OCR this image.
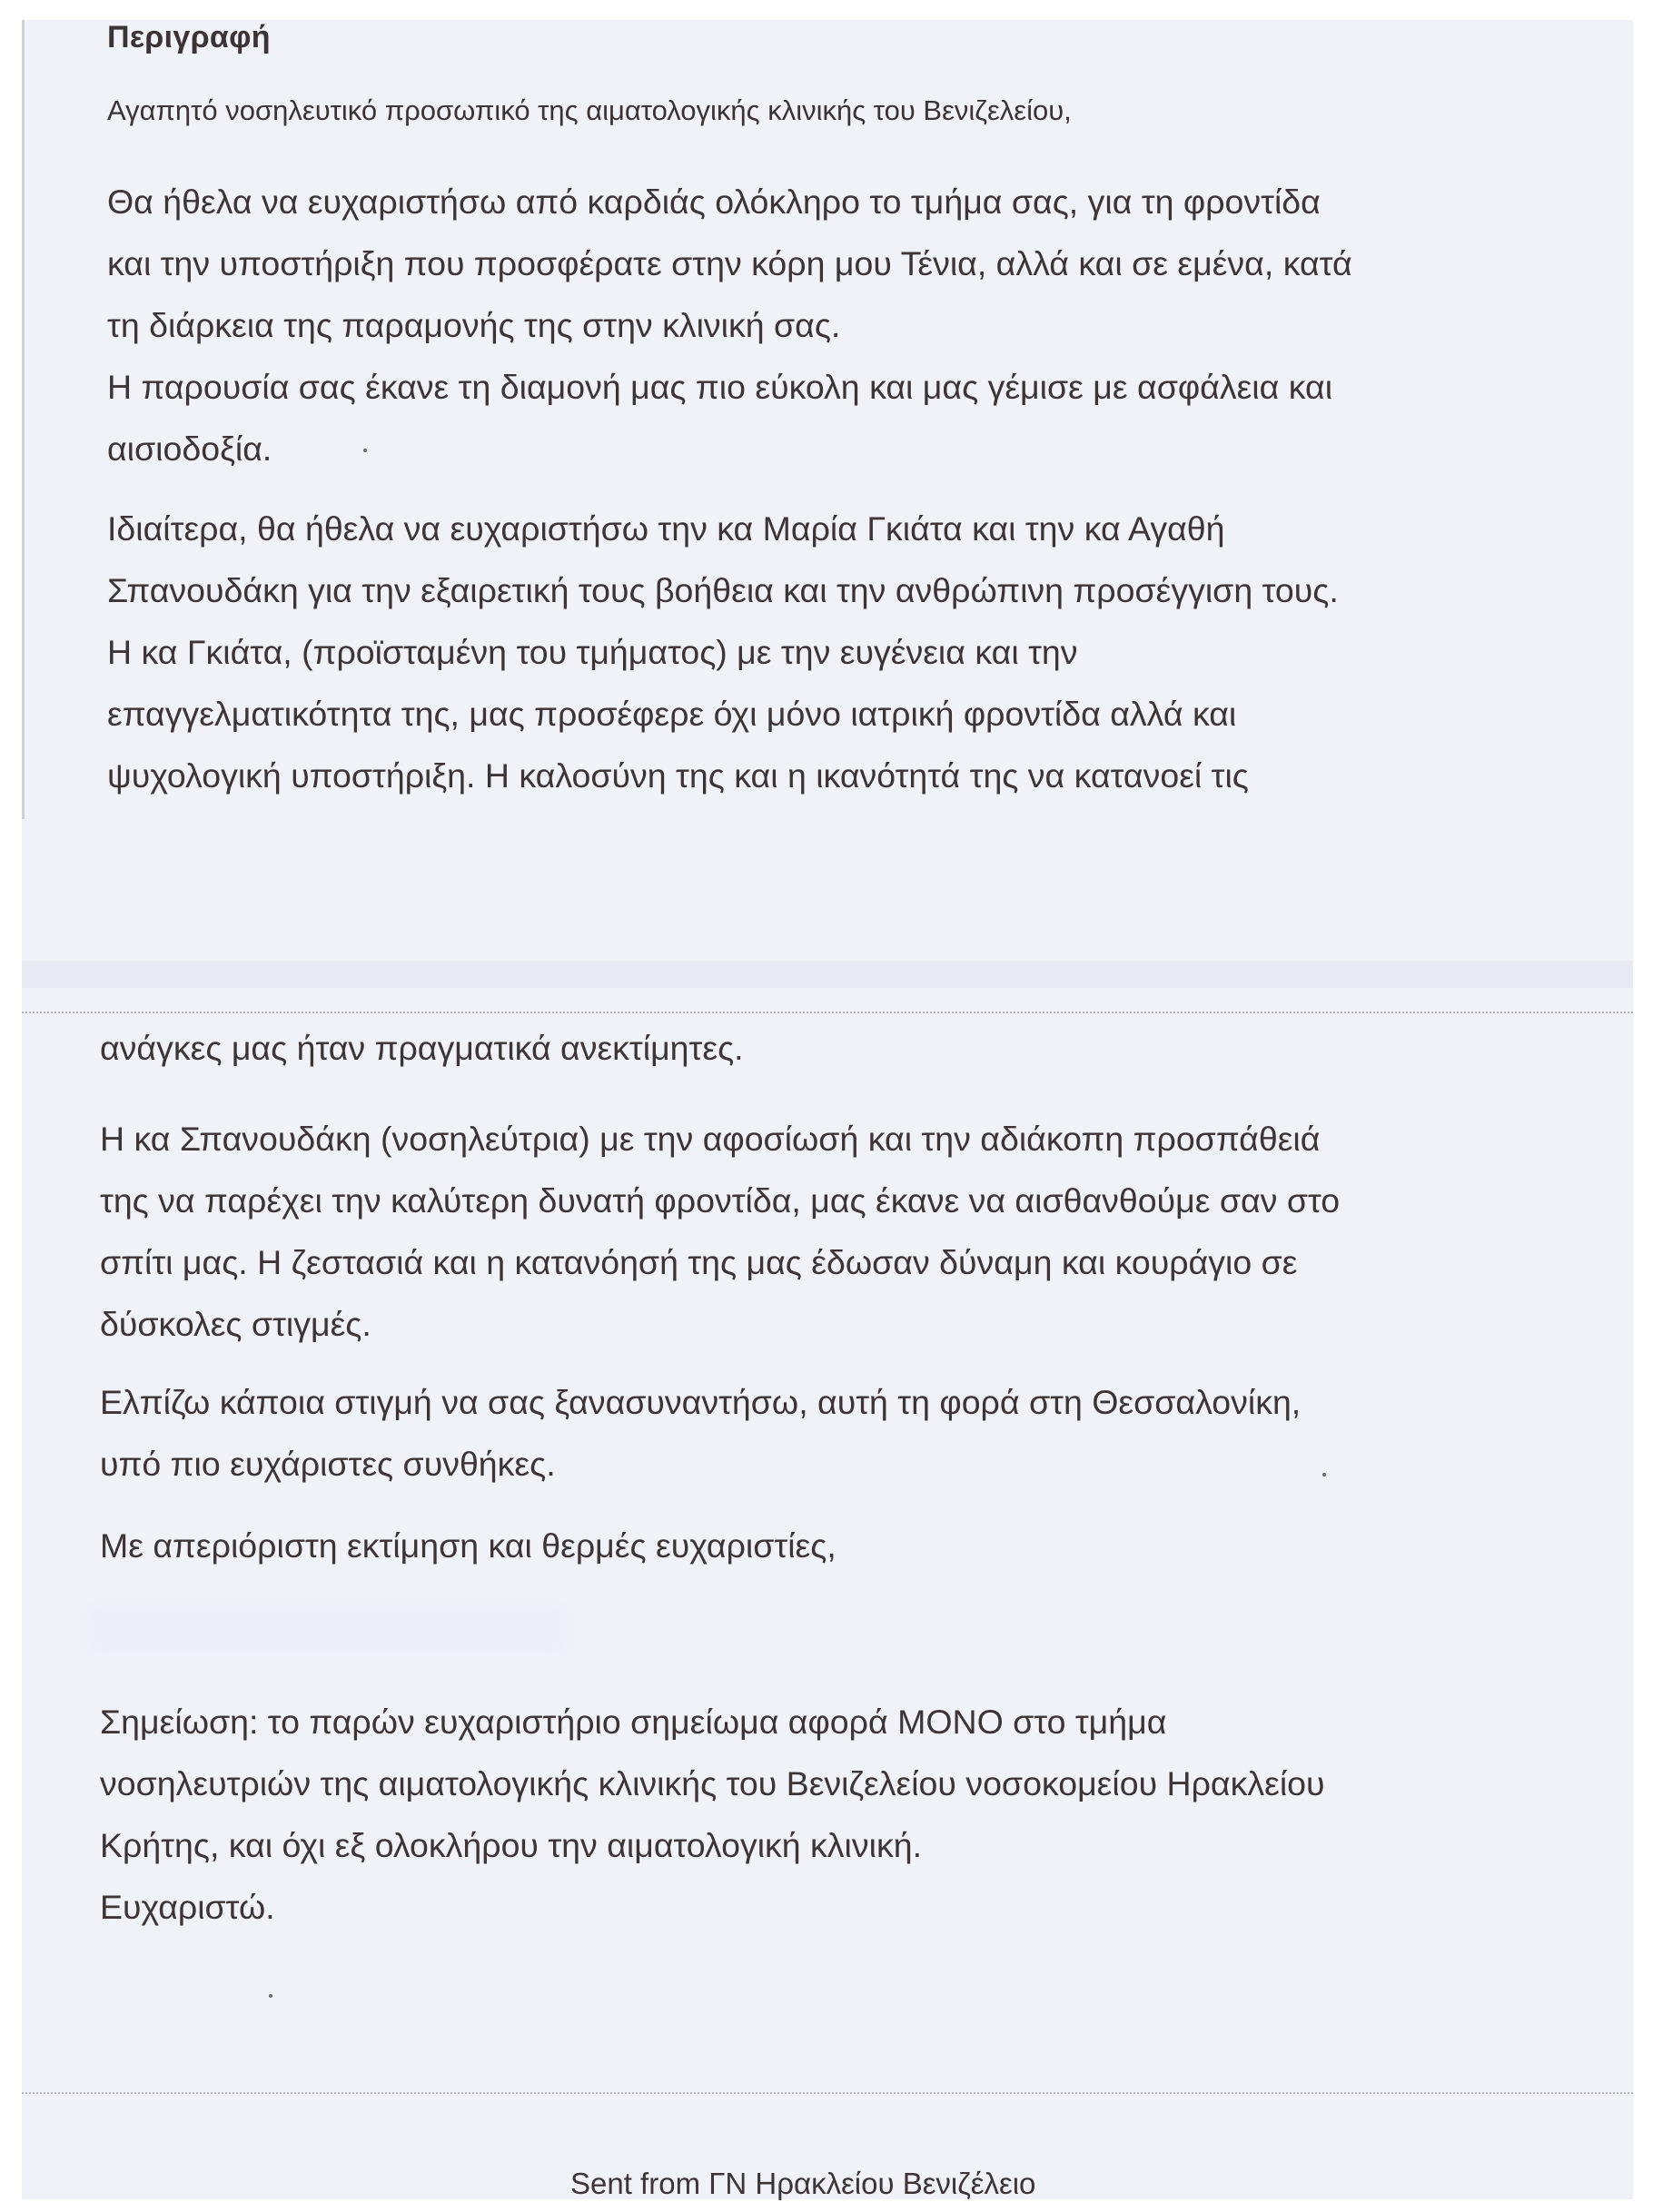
Περιγραφή
Αγαπητό νοσηλευτικό προσωπικό της αιματολογικής κλινικής του Βενιζελείου,
Θα ήθελα να ευχαριστήσω από καρδιάς ολόκληρο το τμήμα σας, για τη φροντίδα
και την υποστήριξη που προσφέρατε στην κόρη μου Τένια, αλλά και σε εμένα, κατά
τη διάρκεια της παραμονής της στην κλινική σας.
Η παρουσία σας έκανε τη διαμονή μας πιο εύκολη και μας γέμισε με ασφάλεια και
αισιοδοξία.
Ιδιαίτερα, θα ήθελα να ευχαριστήσω την κα Μαρία Γκιάτα και την κα Αγαθή
Σπανουδάκη για την εξαιρετική τους βοήθεια και την ανθρώπινη προσέγγιση τους.
Η κα Γκιάτα, (προϊσταμένη του τμήματος) με την ευγένεια και την
επαγγελματικότητα της, μας προσέφερε όχι μόνο ιατρική φροντίδα αλλά και
ψυχολογική υποστήριξη. Η καλοσύνη της και η ικανότητά της να κατανοεί τις
ανάγκες μας ήταν πραγματικά ανεκτίμητες.
Η κα Σπανουδάκη (νοσηλεύτρια) με την αφοσίωσή και την αδιάκοπη προσπάθειά
της να παρέχει την καλύτερη δυνατή φροντίδα, μας έκανε να αισθανθούμε σαν στο
σπίτι μας. Η ζεστασιά και η κατανόησή της μας έδωσαν δύναμη και κουράγιο σε
δύσκολες στιγμές.
Ελπίζω κάποια στιγμή να σας ξανασυναντήσω, αυτή τη φορά στη Θεσσαλονίκη,
υπό πιο ευχάριστες συνθήκες.
Με απεριόριστη εκτίμηση και θερμές ευχαριστίες,
Σημείωση: το παρών ευχαριστήριο σημείωμα αφορά ΜΟΝΟ στο τμήμα
νοσηλευτριών της αιματολογικής κλινικής του Βενιζελείου νοσοκομείου Ηρακλείου
Κρήτης, και όχι εξ ολοκλήρου την αιματολογική κλινική.
Ευχαριστώ.
Sent from ΓΝ Ηρακλείου Βενιζέλειο
